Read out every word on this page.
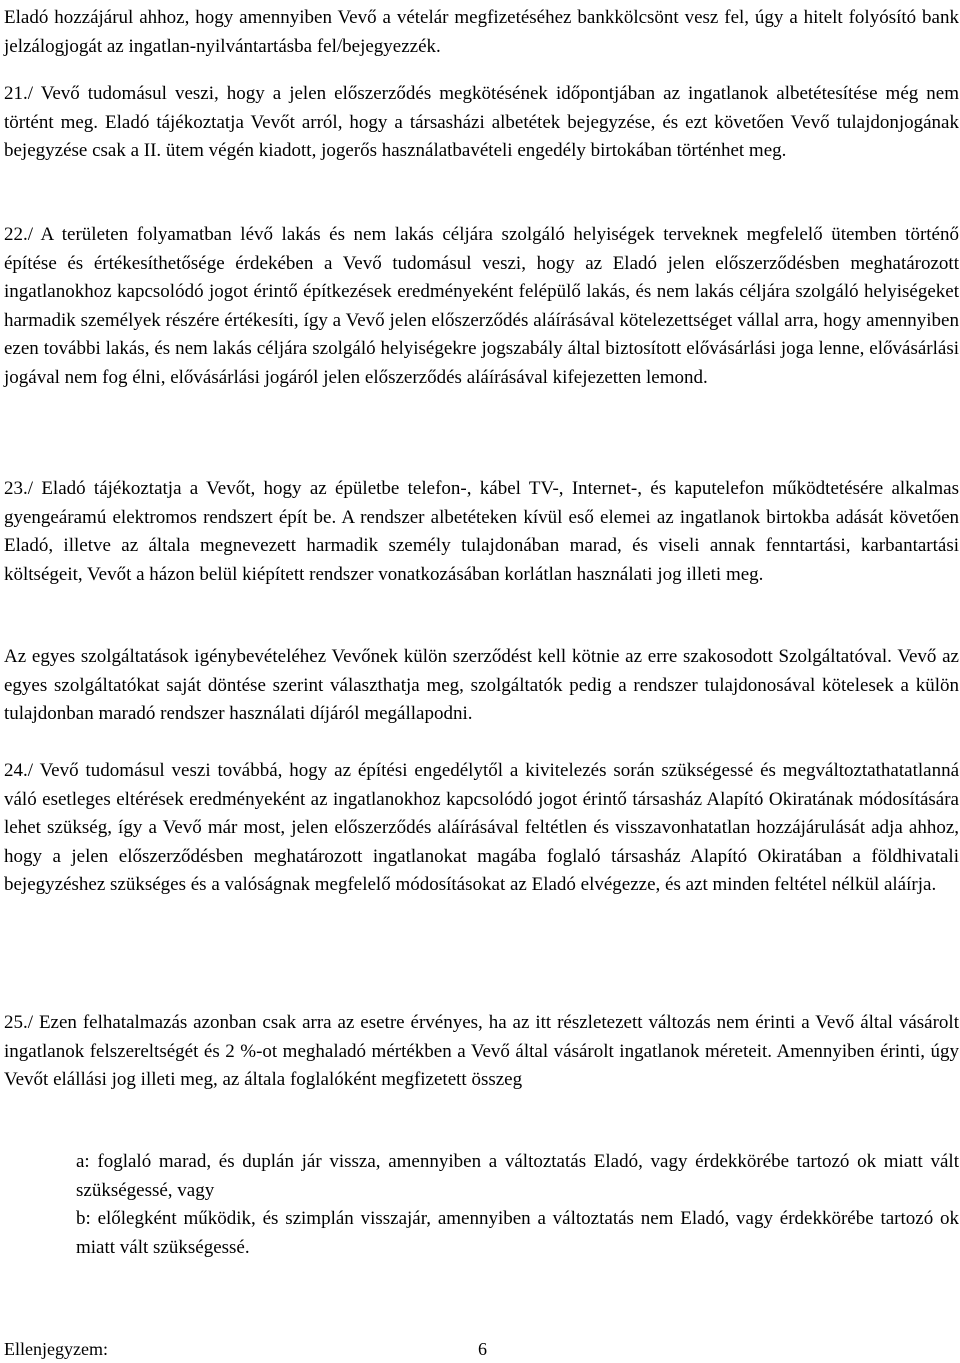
Eladó hozzájárul ahhoz, hogy amennyiben Vevő a vételár megfizetéséhez bankkölcsönt vesz fel, úgy a hitelt folyósító bank jelzálogjogát az ingatlan-nyilvántartásba fel/bejegyezzék.

21./ Vevő tudomásul veszi, hogy a jelen előszerződés megkötésének időpontjában az ingatlanok albetétesítése még nem történt meg. Eladó tájékoztatja Vevőt arról, hogy a társasházi albetétek bejegyzése, és ezt követően Vevő tulajdonjogának bejegyzése csak a II. ütem végén kiadott, jogerős használatbavételi engedély birtokában történhet meg.

22./ A területen folyamatban lévő lakás és nem lakás céljára szolgáló helyiségek terveknek megfelelő ütemben történő építése és értékesíthetősége érdekében a Vevő tudomásul veszi, hogy az Eladó jelen előszerződésben meghatározott ingatlanokhoz kapcsolódó jogot érintő építkezések eredményeként felépülő lakás, és nem lakás céljára szolgáló helyiségeket harmadik személyek részére értékesíti, így a Vevő jelen előszerződés aláírásával kötelezettséget vállal arra, hogy amennyiben ezen további lakás, és nem lakás céljára szolgáló helyiségekre jogszabály által biztosított elővásárlási joga lenne, elővásárlási jogával nem fog élni, elővásárlási jogáról jelen előszerződés aláírásával kifejezetten lemond.

23./ Eladó tájékoztatja a Vevőt, hogy az épületbe telefon-, kábel TV-, Internet-, és kaputelefon működtetésére alkalmas gyengeáramú elektromos rendszert épít be. A rendszer albetéteken kívül eső elemei az ingatlanok birtokba adását követően Eladó, illetve az általa megnevezett harmadik személy tulajdonában marad, és viseli annak fenntartási, karbantartási költségeit, Vevőt a házon belül kiépített rendszer vonatkozásában korlátlan használati jog illeti meg.

Az egyes szolgáltatások igénybevételéhez Vevőnek külön szerződést kell kötnie az erre szakosodott Szolgáltatóval. Vevő az egyes szolgáltatókat saját döntése szerint választhatja meg, szolgáltatók pedig a rendszer tulajdonosával kötelesek a külön tulajdonban maradó rendszer használati díjáról megállapodni.

24./ Vevő tudomásul veszi továbbá, hogy az építési engedélytől a kivitelezés során szükségessé és megváltoztathatatlanná váló esetleges eltérések eredményeként az ingatlanokhoz kapcsolódó jogot érintő társasház Alapító Okiratának módosítására lehet szükség, így a Vevő már most, jelen előszerződés aláírásával feltétlen és visszavonhatatlan hozzájárulását adja ahhoz, hogy a jelen előszerződésben meghatározott ingatlanokat magába foglaló társasház Alapító Okiratában a földhivatali bejegyzéshez szükséges és a valóságnak megfelelő módosításokat az Eladó elvégezze, és azt minden feltétel nélkül aláírja.

25./ Ezen felhatalmazás azonban csak arra az esetre érvényes, ha az itt részletezett változás nem érinti a Vevő által vásárolt ingatlanok felszereltségét és 2 %-ot meghaladó mértékben a Vevő által vásárolt ingatlanok méreteit. Amennyiben érinti, úgy Vevőt elállási jog illeti meg, az általa foglalóként megfizetett összeg

a: foglaló marad, és duplán jár vissza, amennyiben a változtatás Eladó, vagy érdekkörébe tartozó ok miatt vált szükségessé, vagy

b: előlegként működik, és szimplán visszajár, amennyiben a változtatás nem Eladó, vagy érdekkörébe tartozó ok miatt vált szükségessé.

Ellenjegyzem:	6
